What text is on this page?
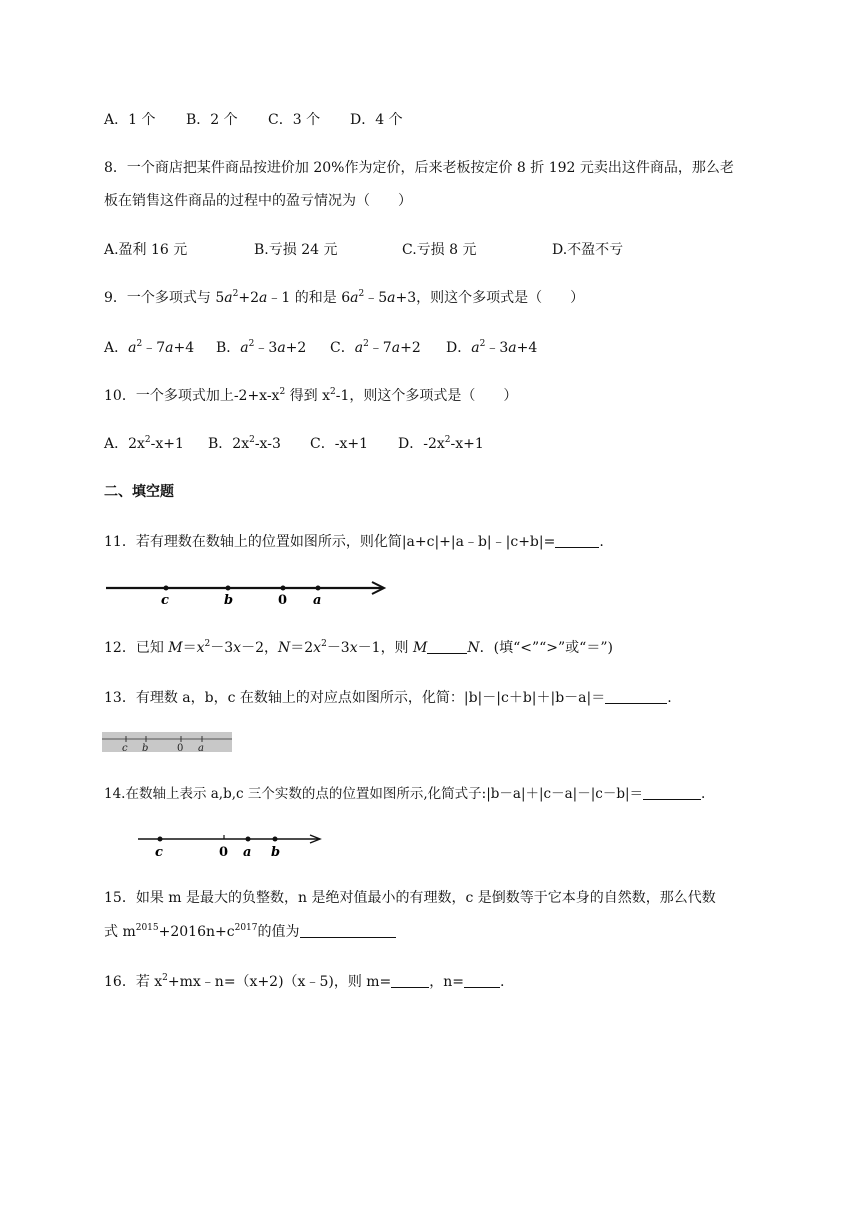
A．1 个 B．2 个 C．3 个 D．4 个
8．一个商店把某件商品按进价加 20%作为定价，后来老板按定价 8 折 192 元卖出这件商品，那么老
板在销售这件商品的过程中的盈亏情况为（　　）
A.盈利 16 元	B.亏损 24 元	C.亏损 8 元	D.不盈不亏
9．一个多项式与 $5a^2+2a﹣1$ 的和是 $6a^2﹣5a+3$，则这个多项式是（　　）
A．$a^2﹣7a+4$ B．$a^2﹣3a+2$ C．$a^2﹣7a+2$ D．$a^2﹣3a+4$
10．一个多项式加上$-2+x-x^2$ 得到 $x^2-1$，则这个多项式是（　　）
A．$2x^2-x+1$ B．$2x^2-x-3$ C．-x+1 D．$-2x^2-x+1$
二、填空题
11．若有理数在数轴上的位置如图所示，则化简|a+c|+|a﹣b|﹣|c+b|=	.
c	b	0 a
12．已知 $M=x^2-3x-2$，$N=2x^2-3x-1$，则 M	N．(填“<”“>”或“＝”)
13．有理数 a，b，c 在数轴上的对应点如图所示，化简：|b|－|c＋b|＋|b－a|＝	.
c b	0 a
14.在数轴上表示 a,b,c 三个实数的点的位置如图所示,化简式子:|b－a|＋|c－a|－|c－b|＝	.
c	0 a b
15．如果 m 是最大的负整数，n 是绝对值最小的有理数，c 是倒数等于它本身的自然数，那么代数
式 $m^{2015}+2016n+c^{2017}$的值为
16．若 $x^2+mx﹣n=(x+2)(x﹣5)$，则 m=	，n=	.
